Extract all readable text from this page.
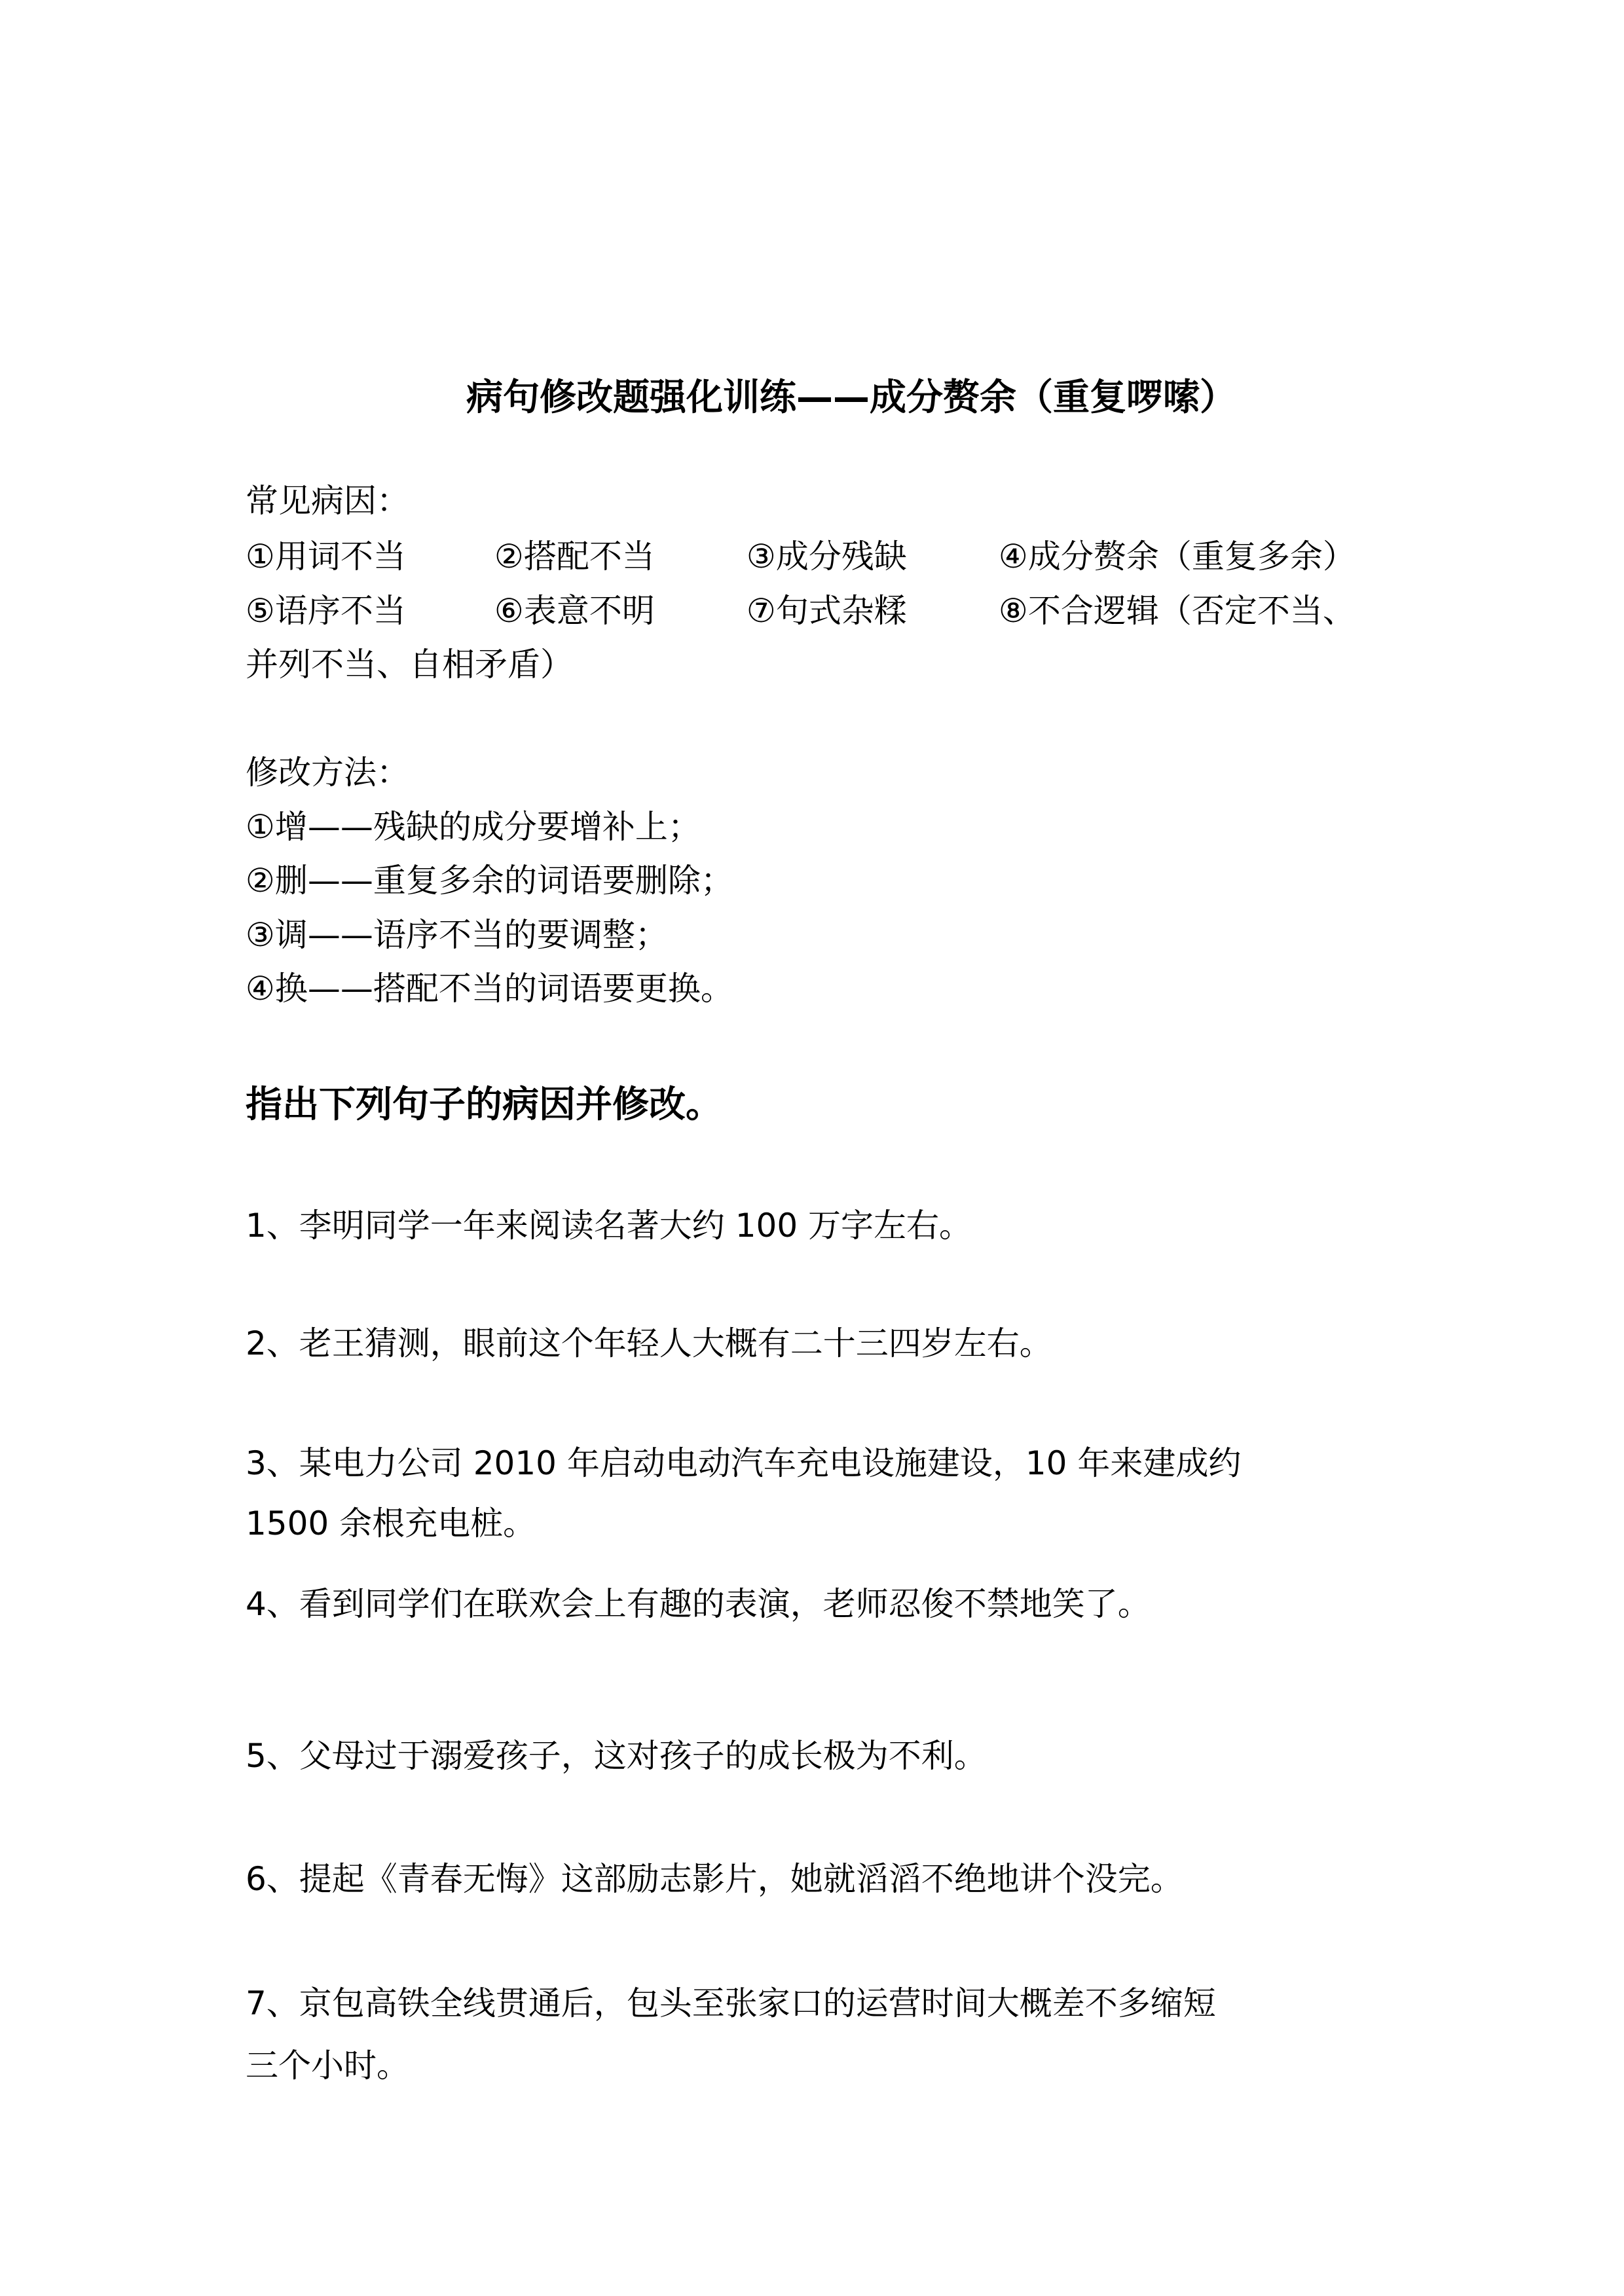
病句修改题强化训练——成分赘余（重复啰嗦）
常见病因：
①用词不当	②搭配不当	③成分残缺	④成分赘余（重复多余）
⑤语序不当	⑥表意不明	⑦句式杂糅	⑧不合逻辑（否定不当、
并列不当、自相矛盾）
修改方法：
①增——残缺的成分要增补上；
②删——重复多余的词语要删除；
③调——语序不当的要调整；
④换——搭配不当的词语要更换。
指出下列句子的病因并修改。
1、李明同学一年来阅读名著大约 100 万字左右。
2、老王猜测，眼前这个年轻人大概有二十三四岁左右。
3、某电力公司 2010 年启动电动汽车充电设施建设，10 年来建成约
1500 余根充电桩。
4、看到同学们在联欢会上有趣的表演，老师忍俊不禁地笑了。
5、父母过于溺爱孩子，这对孩子的成长极为不利。
6、提起《青春无悔》这部励志影片，她就滔滔不绝地讲个没完。
7、京包高铁全线贯通后，包头至张家口的运营时间大概差不多缩短
三个小时。
